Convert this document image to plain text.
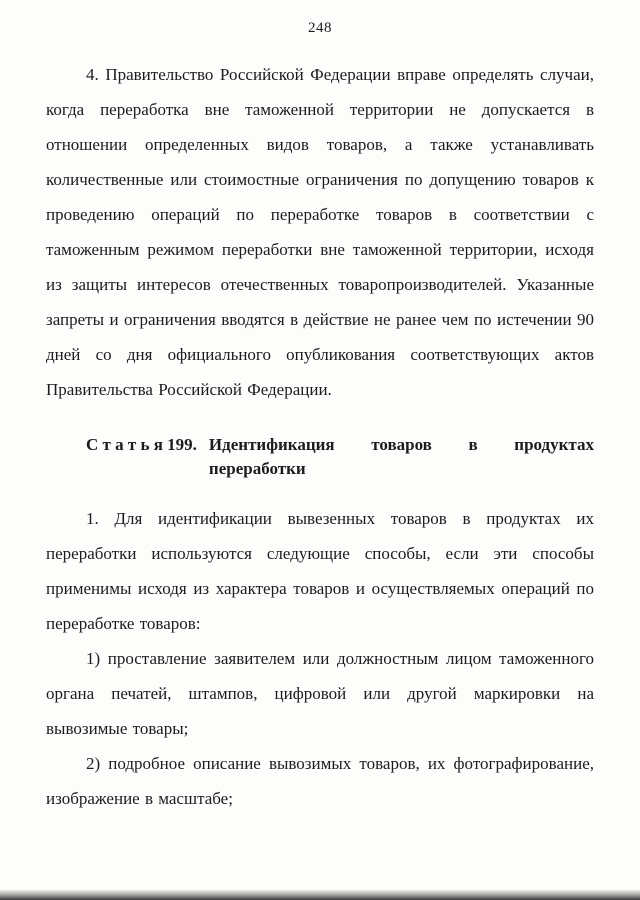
248

4. Правительство Российской Федерации вправе определять случаи, когда переработка вне таможенной территории не допускается в отношении определенных видов товаров, а также устанавливать количественные или стоимостные ограничения по допущению товаров к проведению операций по переработке товаров в соответствии с таможенным режимом переработки вне таможенной территории, исходя из защиты интересов отечественных товаропроизводителей. Указанные запреты и ограничения вводятся в действие не ранее чем по истечении 90 дней со дня официального опубликования соответствующих актов Правительства Российской Федерации.

С т а т ь я 199. Идентификация товаров в продуктах
переработки

1. Для идентификации вывезенных товаров в продуктах их переработки используются следующие способы, если эти способы применимы исходя из характера товаров и осуществляемых операций по переработке товаров:

1) проставление заявителем или должностным лицом таможенного органа печатей, штампов, цифровой или другой маркировки на вывозимые товары;

2) подробное описание вывозимых товаров, их фотографирование, изображение в масштабе;
